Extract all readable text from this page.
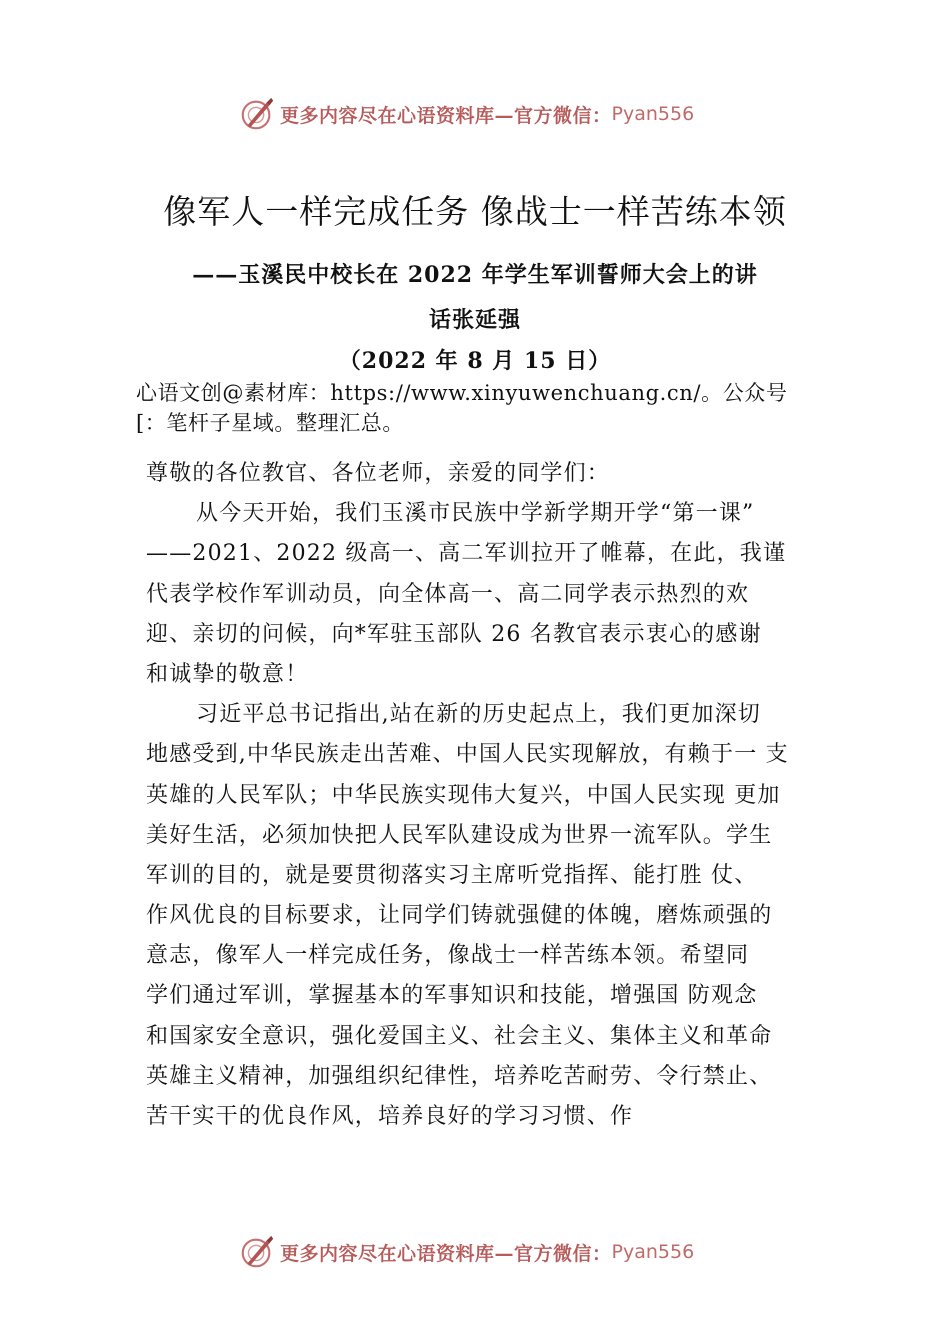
更多内容尽在心语资料库—官方微信： Pyan556
像军人一样完成任务 像战士一样苦练本领
——玉溪民中校长在 2022 年学生军训誓师大会上的讲
话张延强
（2022 年 8 月 15 日）
心语文创@素材库：https://www.xinyuwenchuang.cn/。公众号
[：笔杆子星域。整理汇总。
尊敬的各位教官、各位老师，亲爱的同学们：
从今天开始，我们玉溪市民族中学新学期开学“第一课”
——2021、2022 级高一、高二军训拉开了帷幕，在此，我谨
代表学校作军训动员，向全体高一、高二同学表示热烈的欢
迎、亲切的问候，向*军驻玉部队 26 名教官表示衷心的感谢
和诚挚的敬意！
习近平总书记指出,站在新的历史起点上，我们更加深切
地感受到,中华民族走出苦难、中国人民实现解放，有赖于一 支
英雄的人民军队；中华民族实现伟大复兴，中国人民实现 更加
美好生活，必须加快把人民军队建设成为世界一流军队。学生
军训的目的，就是要贯彻落实习主席听党指挥、能打胜 仗、
作风优良的目标要求，让同学们铸就强健的体魄，磨炼顽强的
意志，像军人一样完成任务，像战士一样苦练本领。希望同
学们通过军训，掌握基本的军事知识和技能，增强国 防观念
和国家安全意识，强化爱国主义、社会主义、集体主义和革命
英雄主义精神，加强组织纪律性，培养吃苦耐劳、令行禁止、
苦干实干的优良作风，培养良好的学习习惯、作
更多内容尽在心语资料库—官方微信： Pyan556
